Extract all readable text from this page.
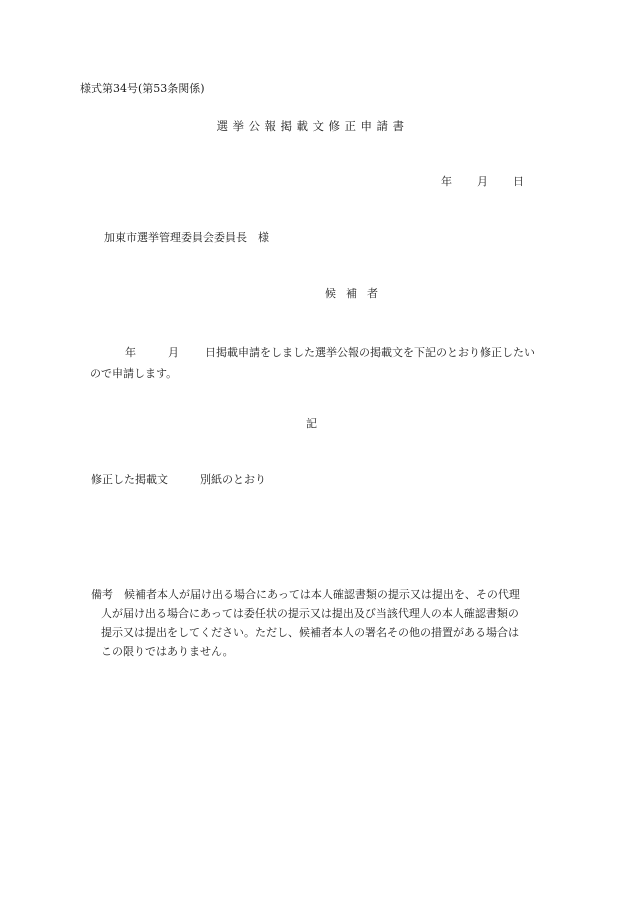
様式第34号(第53条関係)
選挙公報掲載文修正申請書
年 月 日
加東市選挙管理委員会委員長　様
候補者
年	月 日掲載申請をしました選挙公報の掲載文を下記のとおり修正したい
ので申請します。
記
修正した掲載文	別紙のとおり
備考　候補者本人が届け出る場合にあっては本人確認書類の提示又は提出を、その代理
人が届け出る場合にあっては委任状の提示又は提出及び当該代理人の本人確認書類の
提示又は提出をしてください。ただし、候補者本人の署名その他の措置がある場合は
この限りではありません。
